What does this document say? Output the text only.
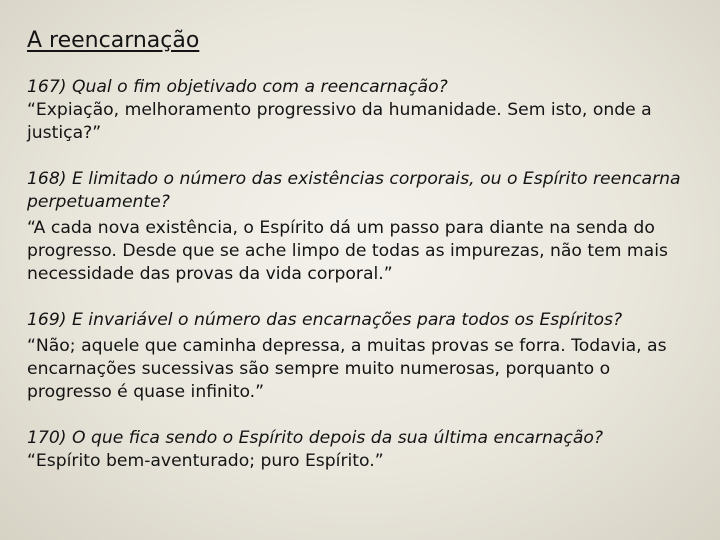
A reencarnação

167) Qual o fim objetivado com a reencarnação?

“Expiação, melhoramento progressivo da humanidade. Sem isto, onde a justiça?”

168) E limitado o número das existências corporais, ou o Espírito reencarna perpetuamente?

“A cada nova existência, o Espírito dá um passo para diante na senda do progresso. Desde que se ache limpo de todas as impurezas, não tem mais necessidade das provas da vida corporal.”

169) E invariável o número das encarnações para todos os Espíritos?

“Não; aquele que caminha depressa, a muitas provas se forra. Todavia, as encarnações sucessivas são sempre muito numerosas, porquanto o progresso é quase infinito.”

170) O que fica sendo o Espírito depois da sua última encarnação?

“Espírito bem-aventurado; puro Espírito.”
